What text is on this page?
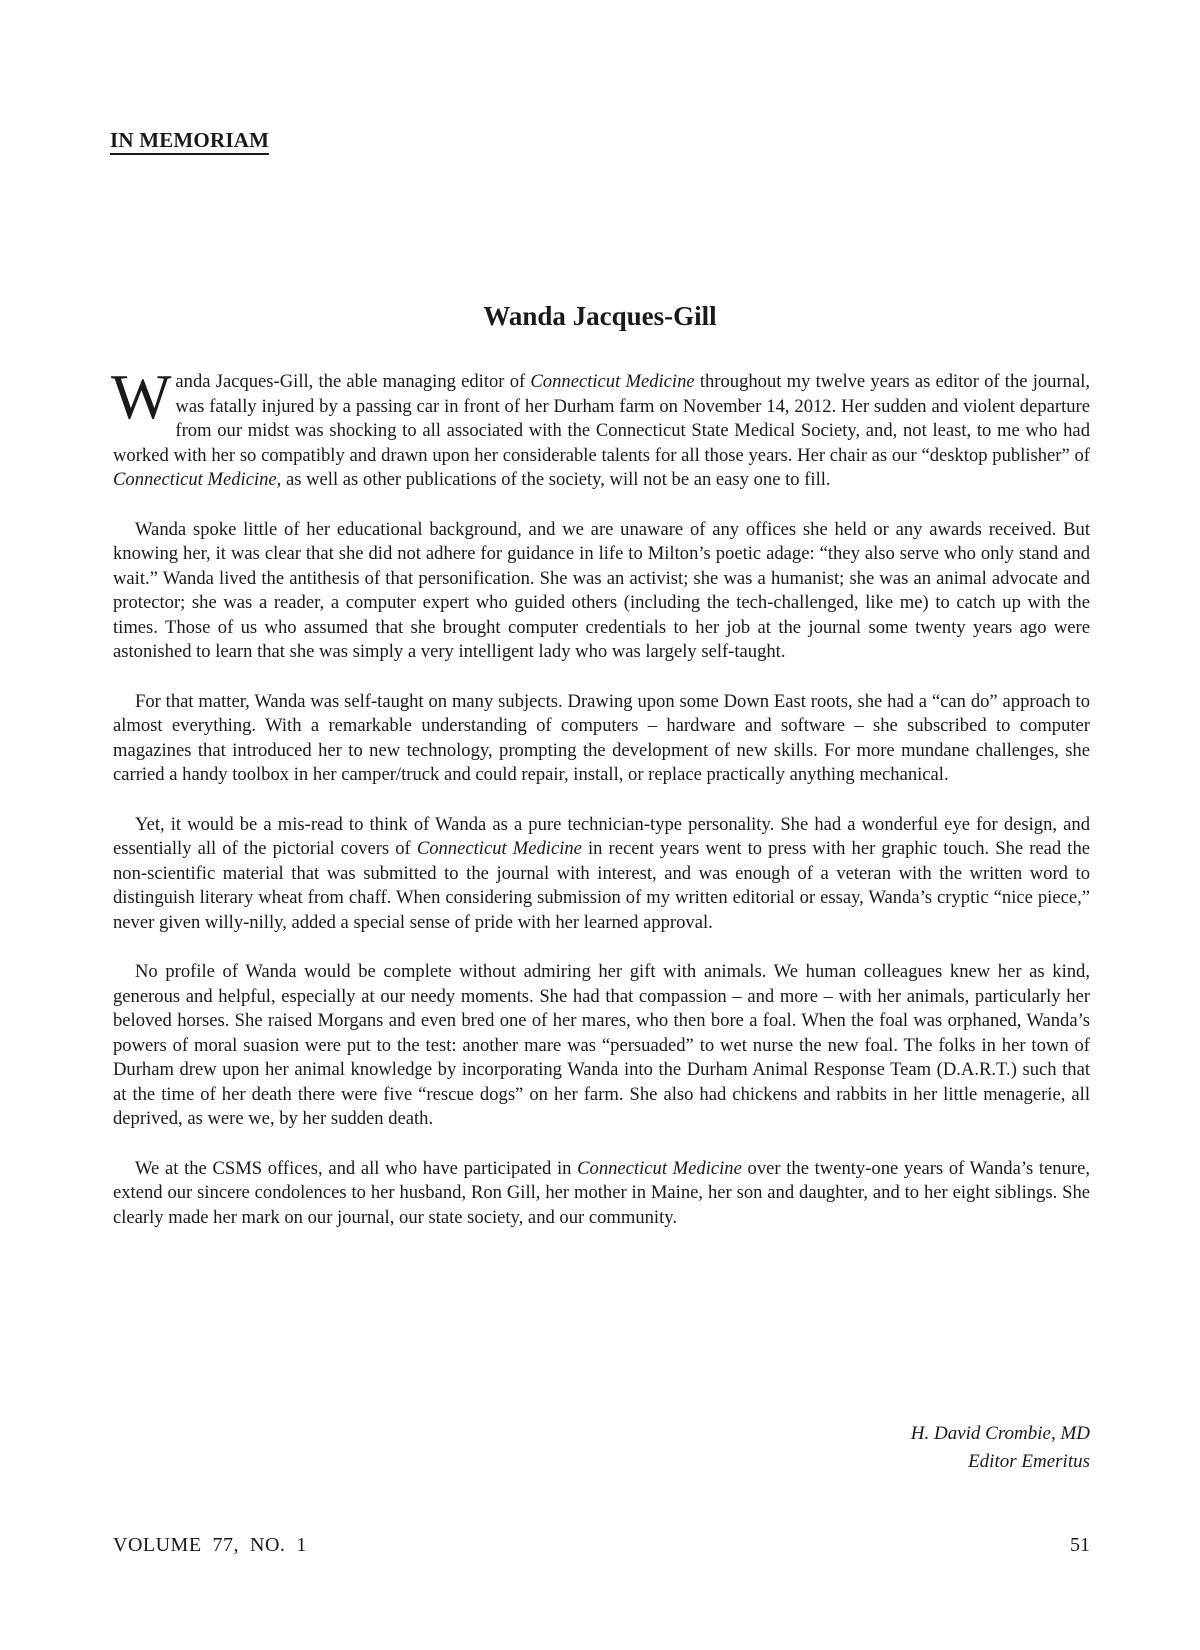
IN MEMORIAM
Wanda Jacques-Gill

Wanda Jacques-Gill, the able managing editor of Connecticut Medicine throughout my twelve years as editor of the journal, was fatally injured by a passing car in front of her Durham farm on November 14, 2012. Her sudden and violent departure from our midst was shocking to all associated with the Connecticut State Medical Society, and, not least, to me who had worked with her so compatibly and drawn upon her considerable talents for all those years. Her chair as our “desktop publisher” of Connecticut Medicine, as well as other publications of the society, will not be an easy one to fill.

Wanda spoke little of her educational background, and we are unaware of any offices she held or any awards received. But knowing her, it was clear that she did not adhere for guidance in life to Milton’s poetic adage: “they also serve who only stand and wait.” Wanda lived the antithesis of that personification. She was an activist; she was a humanist; she was an animal advocate and protector; she was a reader, a computer expert who guided others (including the tech-challenged, like me) to catch up with the times. Those of us who assumed that she brought computer credentials to her job at the journal some twenty years ago were astonished to learn that she was simply a very intelligent lady who was largely self-taught.

For that matter, Wanda was self-taught on many subjects. Drawing upon some Down East roots, she had a “can do” approach to almost everything. With a remarkable understanding of computers – hardware and software – she subscribed to computer magazines that introduced her to new technology, prompting the development of new skills. For more mundane challenges, she carried a handy toolbox in her camper/truck and could repair, install, or replace practically anything mechanical.

Yet, it would be a mis-read to think of Wanda as a pure technician-type personality. She had a wonderful eye for design, and essentially all of the pictorial covers of Connecticut Medicine in recent years went to press with her graphic touch. She read the non-scientific material that was submitted to the journal with interest, and was enough of a veteran with the written word to distinguish literary wheat from chaff. When considering submission of my written editorial or essay, Wanda’s cryptic “nice piece,” never given willy-nilly, added a special sense of pride with her learned approval.

No profile of Wanda would be complete without admiring her gift with animals. We human colleagues knew her as kind, generous and helpful, especially at our needy moments. She had that compassion – and more – with her animals, particularly her beloved horses. She raised Morgans and even bred one of her mares, who then bore a foal. When the foal was orphaned, Wanda’s powers of moral suasion were put to the test: another mare was “persuaded” to wet nurse the new foal. The folks in her town of Durham drew upon her animal knowledge by incorporating Wanda into the Durham Animal Response Team (D.A.R.T.) such that at the time of her death there were five “rescue dogs” on her farm. She also had chickens and rabbits in her little menagerie, all deprived, as were we, by her sudden death.

We at the CSMS offices, and all who have participated in Connecticut Medicine over the twenty-one years of Wanda’s tenure, extend our sincere condolences to her husband, Ron Gill, her mother in Maine, her son and daughter, and to her eight siblings. She clearly made her mark on our journal, our state society, and our community.

H. David Crombie, MD
Editor Emeritus
VOLUME  77,  NO.  1	51
